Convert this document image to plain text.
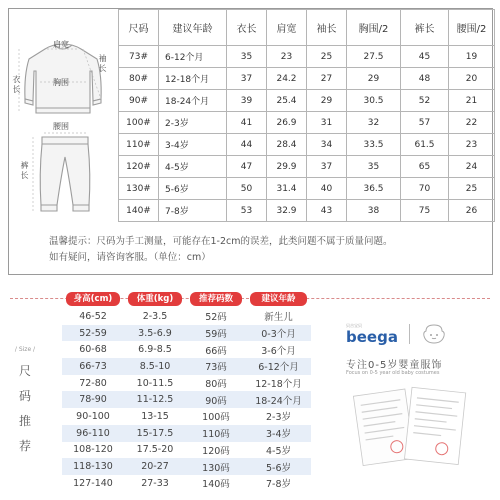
肩宽
袖长
衣长	胸围
腰围
裤长
尺码	建议年龄	衣长	肩宽	袖长	胸围/2	裤长	腰围/2
73#	6-12个月	35	23	25	27.5	45	19
80#	12-18个月	37	24.2	27	29	48	20
90#	18-24个月	39	25.4	29	30.5	52	21
100#	2-3岁	41	26.9	31	32	57	22
110#	3-4岁	44	28.4	34	33.5	61.5	23
120#	4-5岁	47	29.9	37	35	65	24
130#	5-6岁	50	31.4	40	36.5	70	25
140#	7-8岁	53	32.9	43	38	75	26
温馨提示：尺码为手工测量，可能存在1-2cm的误差，此类问题不属于质量问题。
如有疑问，请咨询客服。（单位：cm）
/ Size /
尺
码
推
荐
身高(cm)	体重(kg)	推荐码数	建议年龄

46-52	2-3.5	52码	新生儿
52-59	3.5-6.9	59码	0-3个月
60-68	6.9-8.5	66码	3-6个月
66-73	8.5-10	73码	6-12个月
72-80	10-11.5	80码	12-18个月
78-90	11-12.5	90码	18-24个月
90-100	13-15	100码	2-3岁
96-110	15-17.5	110码	3-4岁
108-120	17.5-20	120码	4-5岁
118-130	20-27	130码	5-6岁
127-140	27-33	140码	7-8岁
贝吉宝贝
beega
专注0-5岁婴童服饰
Focus on 0-5 year old baby costumes
